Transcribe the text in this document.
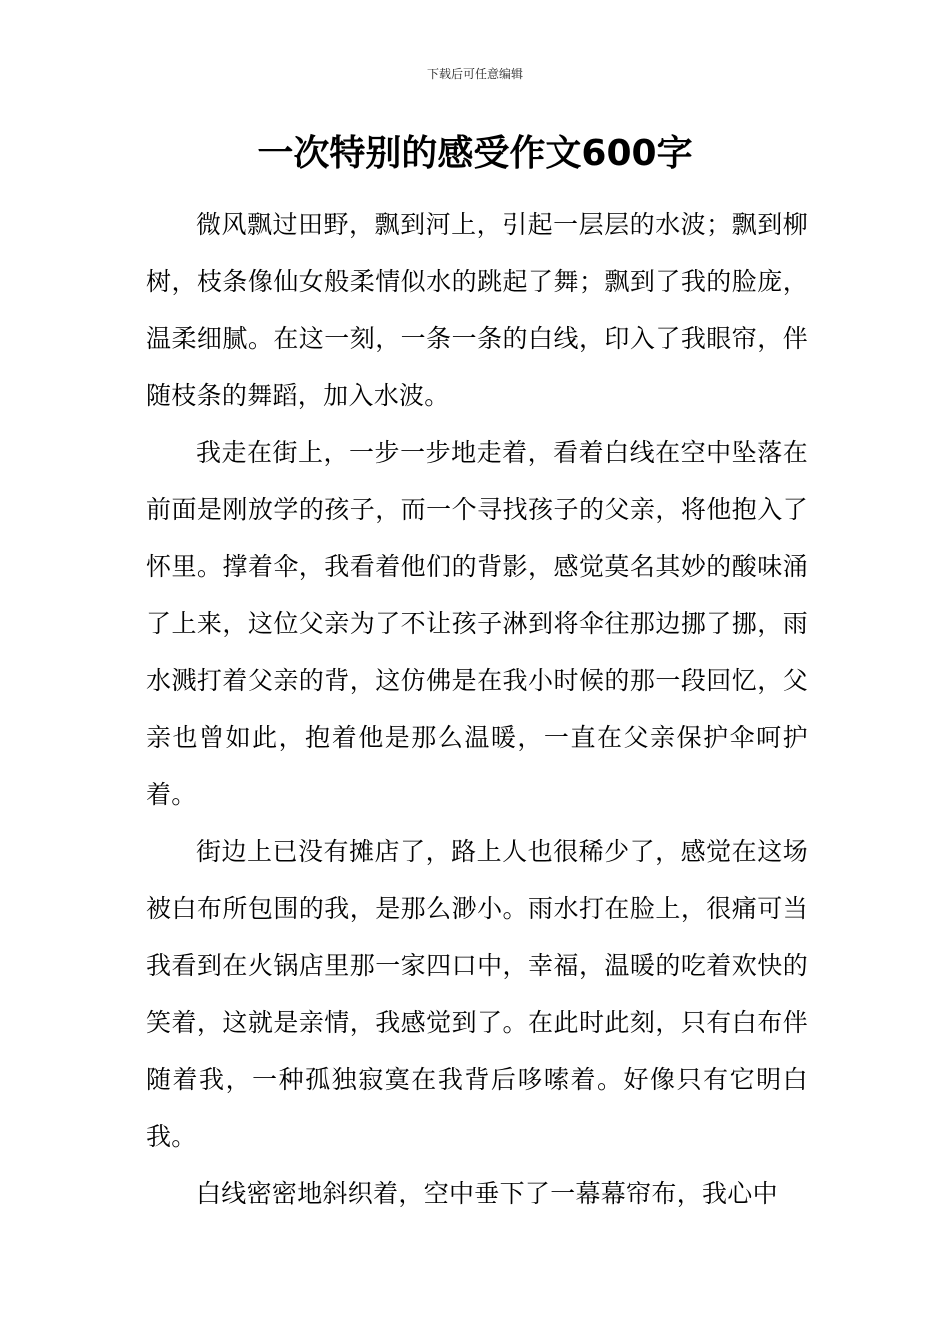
下载后可任意编辑
一次特别的感受作文600字

微风飘过田野，飘到河上，引起一层层的水波；飘到柳树，枝条像仙女般柔情似水的跳起了舞；飘到了我的脸庞，温柔细腻。在这一刻，一条一条的白线，印入了我眼帘，伴随枝条的舞蹈，加入水波。

我走在街上，一步一步地走着，看着白线在空中坠落在前面是刚放学的孩子，而一个寻找孩子的父亲，将他抱入了怀里。撑着伞，我看着他们的背影，感觉莫名其妙的酸味涌了上来，这位父亲为了不让孩子淋到将伞往那边挪了挪，雨水溅打着父亲的背，这仿佛是在我小时候的那一段回忆，父亲也曾如此，抱着他是那么温暖，一直在父亲保护伞呵护着。

街边上已没有摊店了，路上人也很稀少了，感觉在这场被白布所包围的我，是那么渺小。雨水打在脸上，很痛可当我看到在火锅店里那一家四口中，幸福，温暖的吃着欢快的笑着，这就是亲情，我感觉到了。在此时此刻，只有白布伴随着我，一种孤独寂寞在我背后哆嗦着。好像只有它明白我。

白线密密地斜织着，空中垂下了一幕幕帘布，我心中
